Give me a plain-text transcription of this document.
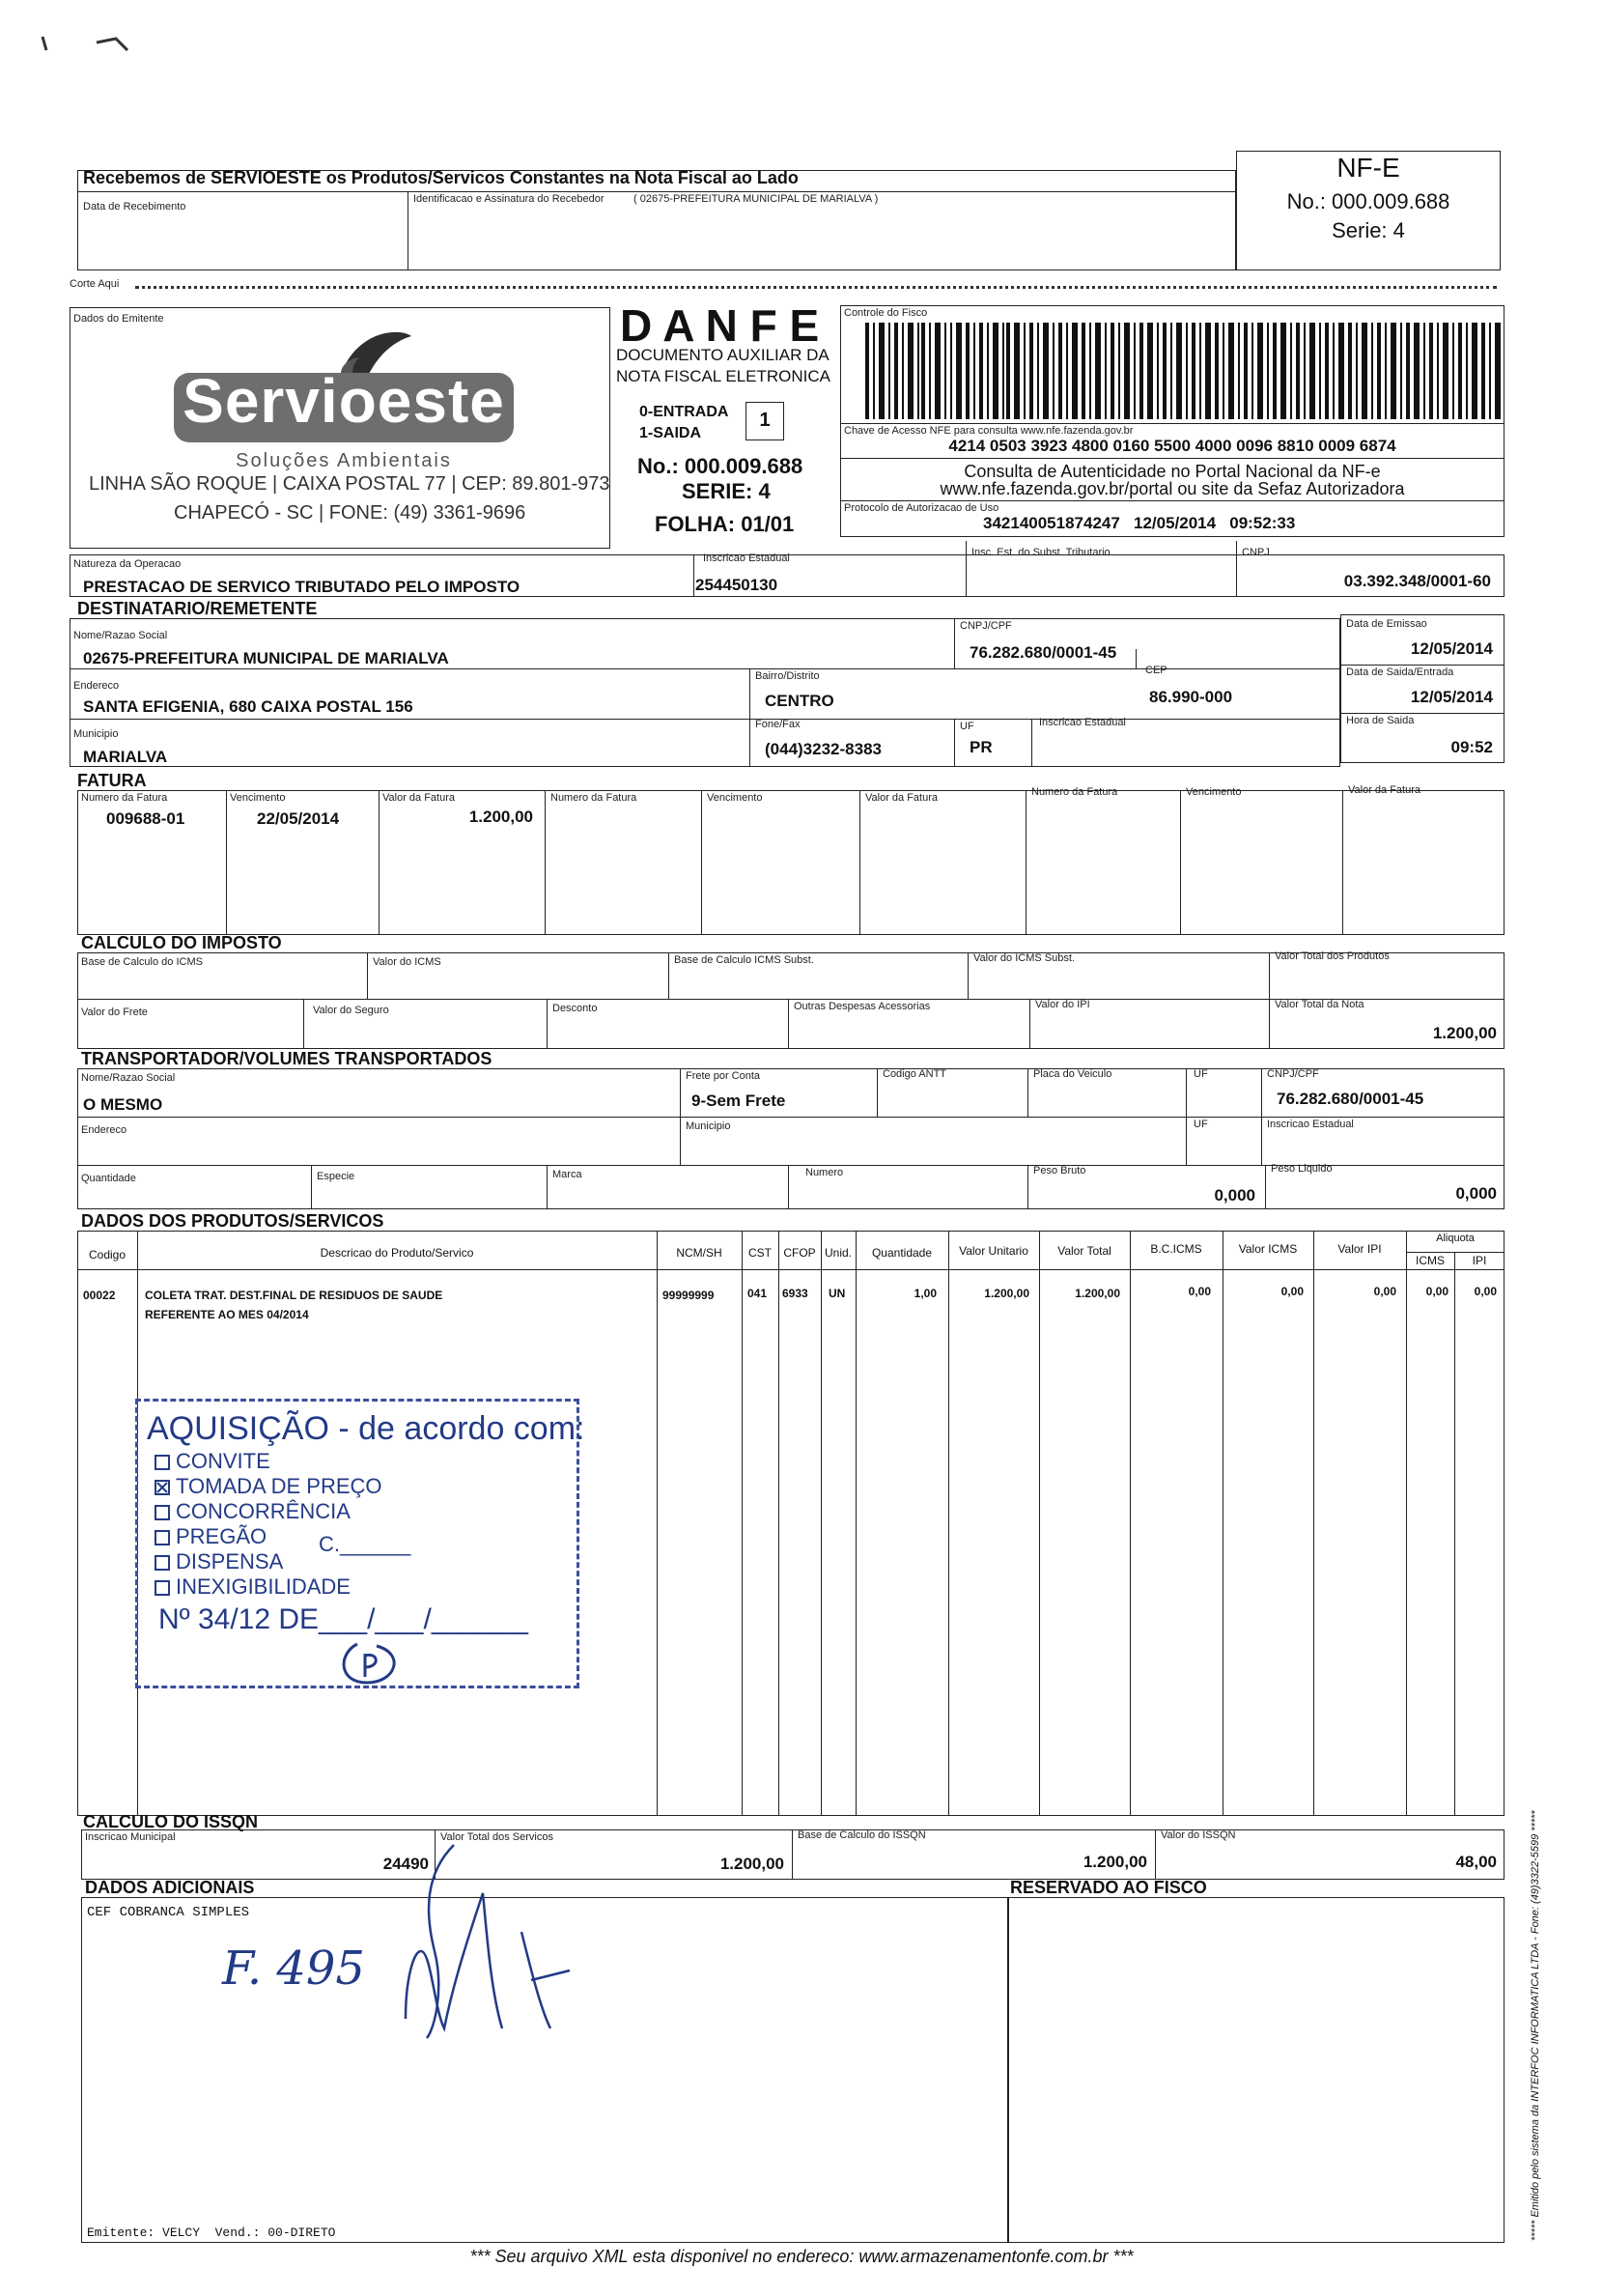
Recebemos de SERVIOESTE os Produtos/Servicos Constantes na Nota Fiscal ao Lado
Data de Recebimento
Identificacao e Assinatura do Recebedor	( 02675-PREFEITURA MUNICIPAL DE MARIALVA )
NF-E
No.: 000.009.688
Serie: 4
Corte Aqui
Dados do Emitente
Servioeste
Soluções Ambientais
LINHA SÃO ROQUE | CAIXA POSTAL 77 | CEP: 89.801-973
CHAPECÓ - SC | FONE: (49) 3361-9696
D A N F E
DOCUMENTO AUXILIAR DA
NOTA FISCAL ELETRONICA
0-ENTRADA
1-SAIDA
1
No.: 000.009.688
SERIE: 4
FOLHA: 01/01
Controle do Fisco
Chave de Acesso NFE para consulta www.nfe.fazenda.gov.br
4214 0503 3923 4800 0160 5500 4000 0096 8810 0009 6874
Consulta de Autenticidade no Portal Nacional da NF-e
www.nfe.fazenda.gov.br/portal ou site da Sefaz Autorizadora
Protocolo de Autorizacao de Uso
342140051874247   12/05/2014   09:52:33
Natureza da Operacao
PRESTACAO DE SERVICO TRIBUTADO PELO IMPOSTO
Inscricao Estadual
254450130
Insc. Est. do Subst. Tributario	CNPJ
03.392.348/0001-60
DESTINATARIO/REMETENTE
Nome/Razao Social
02675-PREFEITURA MUNICIPAL DE MARIALVA
CNPJ/CPF
76.282.680/0001-45
Endereco
SANTA EFIGENIA, 680 CAIXA POSTAL 156
Bairro/Distrito
CENTRO
CEP
86.990-000
Municipio
MARIALVA
Fone/Fax
(044)3232-8383
UF
PR
Inscricao Estadual
Data de Emissao
12/05/2014
Data de Saida/Entrada
12/05/2014
Hora de Saida
09:52
FATURA
Numero da Fatura	Vencimento	Valor da Fatura	Numero da Fatura	Vencimento	Valor da Fatura	Numero da Fatura	Vencimento	Valor da Fatura
009688-01	22/05/2014	1.200,00
CALCULO DO IMPOSTO
Base de Calculo do ICMS	Valor do ICMS	Base de Calculo ICMS Subst.	Valor do ICMS Subst.	Valor Total dos Produtos
Valor do Frete	Valor do Seguro	Desconto	Outras Despesas Acessorias	Valor do IPI	Valor Total da Nota
1.200,00
TRANSPORTADOR/VOLUMES TRANSPORTADOS
Nome/Razao Social
O MESMO
Frete por Conta
9-Sem Frete
Codigo ANTT	Placa do Veiculo	UF	CNPJ/CPF
76.282.680/0001-45
Endereco	Municipio	UF	Inscricao Estadual
Quantidade	Especie	Marca	Numero	Peso Bruto
0,000
Peso Liquido
0,000
DADOS DOS PRODUTOS/SERVICOS
Codigo	Descricao do Produto/Servico	NCM/SH	CST	CFOP Unid.	Quantidade	Valor Unitario	Valor Total	B.C.ICMS	Valor ICMS	Valor IPI
Aliquota
ICMS	IPI
00022	COLETA TRAT. DEST.FINAL DE RESIDUOS DE SAUDE
REFERENTE AO MES 04/2014
99999999	041 6933 UN	1,00	1.200,00	1.200,00	0,00	0,00	0,00	0,00	0,00
AQUISIÇÃO - de acordo com:
CONVITE
TOMADA DE PREÇO
CONCORRÊNCIA
PREGÃO C.______
DISPENSA
INEXIGIBILIDADE
Nº 34/12 DE___/___/______
CALCULO DO ISSQN
Inscricao Municipal
24490
Valor Total dos Servicos
1.200,00
Base de Calculo do ISSQN
1.200,00
Valor do ISSQN
48,00
DADOS ADICIONAIS	RESERVADO AO FISCO
CEF COBRANCA SIMPLES
F. 495
Emitente: VELCY  Vend.: 00-DIRETO
*** Seu arquivo XML esta disponivel no endereco: www.armazenamentonfe.com.br ***
***** Emitido pelo sistema da INTERFOC INFORMATICA LTDA - Fone: (49)3322-5599 *****
